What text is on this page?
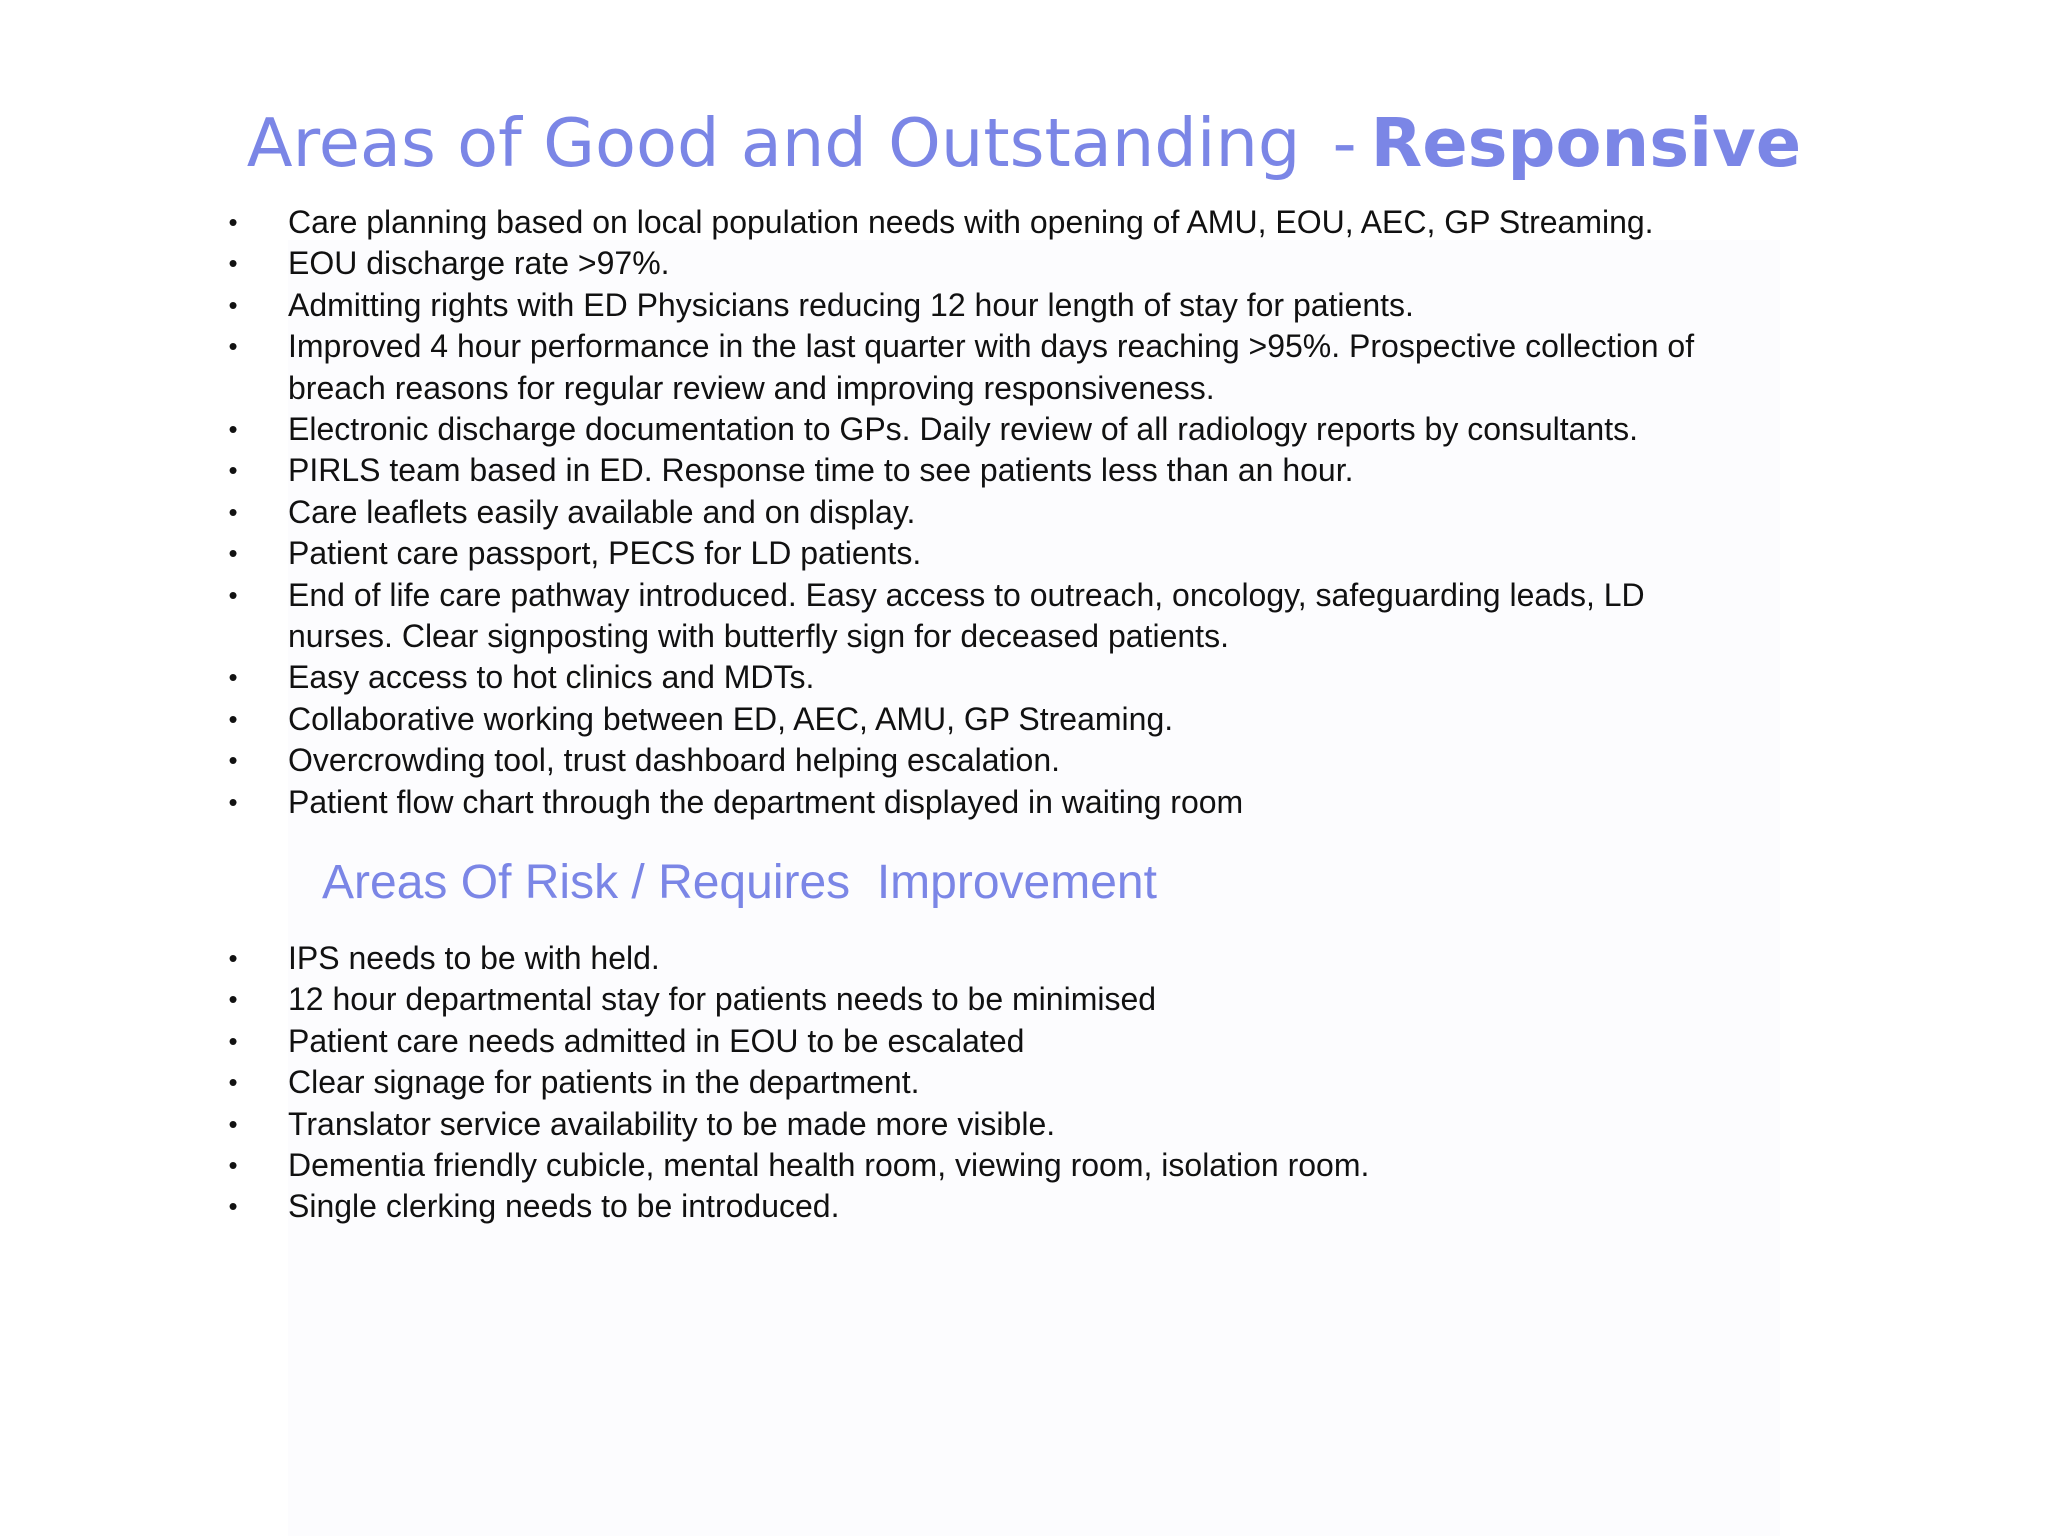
Areas of Good and Outstanding - Responsive
•	Care planning based on local population needs with opening of AMU, EOU, AEC, GP Streaming.
•	EOU discharge rate >97%.
•	Admitting rights with ED Physicians reducing 12 hour length of stay for patients.
•	Improved 4 hour performance in the last quarter with days reaching >95%. Prospective collection of
breach reasons for regular review and improving responsiveness.
•	Electronic discharge documentation to GPs. Daily review of all radiology reports by consultants.
•	PIRLS team based in ED. Response time to see patients less than an hour.
•	Care leaflets easily available and on display.
•	Patient care passport, PECS for LD patients.
•	End of life care pathway introduced. Easy access to outreach, oncology, safeguarding leads, LD
nurses. Clear signposting with butterfly sign for deceased patients.
•	Easy access to hot clinics and MDTs.
•	Collaborative working between ED, AEC, AMU, GP Streaming.
•	Overcrowding tool, trust dashboard helping escalation.
•	Patient flow chart through the department displayed in waiting room
Areas Of Risk / Requires  Improvement
•	IPS needs to be with held.
•	12 hour departmental stay for patients needs to be minimised
•	Patient care needs admitted in EOU to be escalated
•	Clear signage for patients in the department.
•	Translator service availability to be made more visible.
•	Dementia friendly cubicle, mental health room, viewing room, isolation room.
•	Single clerking needs to be introduced.
